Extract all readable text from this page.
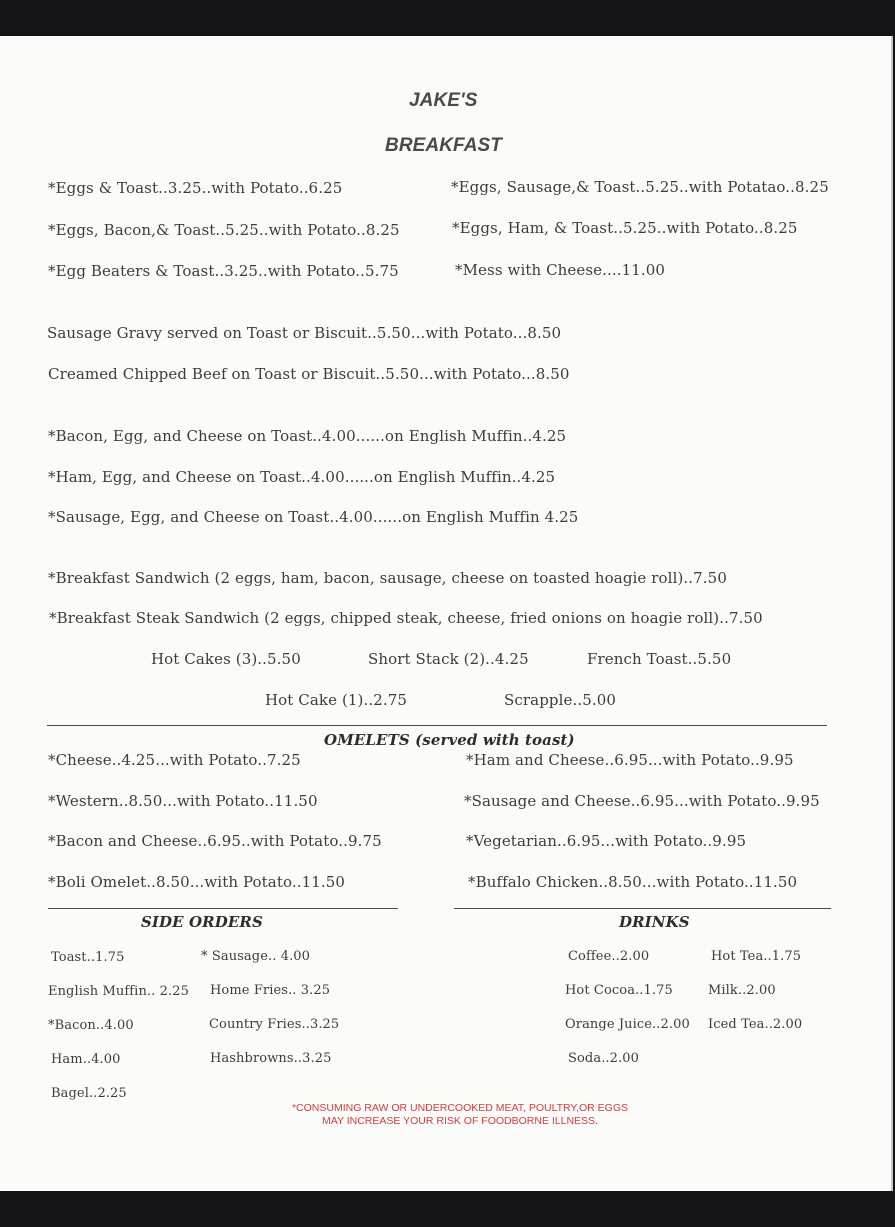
JAKE'S
BREAKFAST
*Eggs & Toast..3.25..with Potato..6.25
*Eggs, Bacon,& Toast..5.25..with Potato..8.25
*Egg Beaters & Toast..3.25..with Potato..5.75
*Eggs, Sausage,& Toast..5.25..with Potatao..8.25
*Eggs, Ham, & Toast..5.25..with Potato..8.25
*Mess with Cheese....11.00
Sausage Gravy served on Toast or Biscuit..5.50...with Potato...8.50
Creamed Chipped Beef on Toast or Biscuit..5.50...with Potato...8.50
*Bacon, Egg, and Cheese on Toast..4.00......on English Muffin..4.25
*Ham, Egg, and Cheese on Toast..4.00......on English Muffin..4.25
*Sausage, Egg, and Cheese on Toast..4.00......on English Muffin 4.25
*Breakfast Sandwich (2 eggs, ham, bacon, sausage, cheese on toasted hoagie roll)..7.50
*Breakfast Steak Sandwich (2 eggs, chipped steak, cheese, fried onions on hoagie roll)..7.50
Hot Cakes (3)..5.50	Short Stack (2)..4.25	French Toast..5.50
Hot Cake (1)..2.75	Scrapple..5.00
OMELETS (served with toast)
*Cheese..4.25...with Potato..7.25
*Western..8.50...with Potato..11.50
*Bacon and Cheese..6.95..with Potato..9.75
*Boli Omelet..8.50...with Potato..11.50
*Ham and Cheese..6.95...with Potato..9.95
*Sausage and Cheese..6.95...with Potato..9.95
*Vegetarian..6.95...with Potato..9.95
*Buffalo Chicken..8.50...with Potato..11.50
SIDE ORDERS
Toast..1.75
English Muffin.. 2.25
*Bacon..4.00
Ham..4.00
Bagel..2.25
* Sausage.. 4.00
Home Fries.. 3.25
Country Fries..3.25
Hashbrowns..3.25
DRINKS
Coffee..2.00
Hot Cocoa..1.75
Orange Juice..2.00
Soda..2.00
Hot Tea..1.75
Milk..2.00
Iced Tea..2.00
*CONSUMING RAW OR UNDERCOOKED MEAT, POULTRY,OR EGGS
MAY INCREASE YOUR RISK OF FOODBORNE ILLNESS.
